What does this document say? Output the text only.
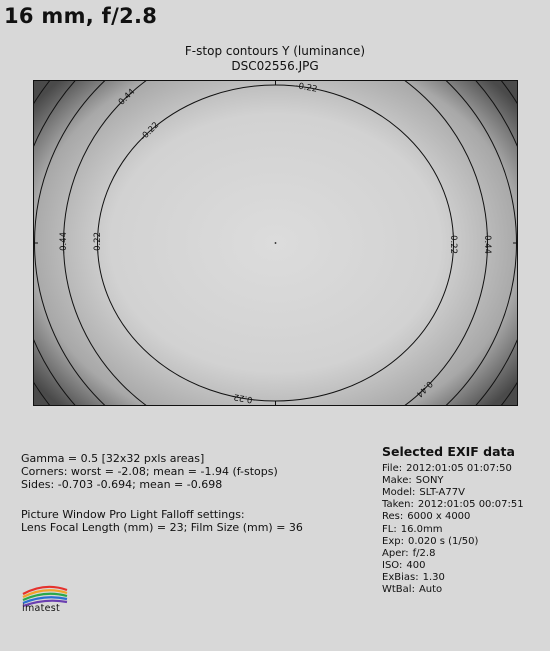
16 mm, f/2.8
F-stop contours Y (luminance)
DSC02556.JPG
-0.22
-0.22	-0.22
-0.22
-0.22
-0.44	-0.44
-0.44
-0.44
Gamma = 0.5 [32x32 pxls areas]
Corners: worst = -2.08; mean = -1.94 (f-stops)
Sides: -0.703 -0.694; mean = -0.698
Picture Window Pro Light Falloff settings:
Lens Focal Length (mm) = 23; Film Size (mm) = 36
Selected EXIF data
File: 2012:01:05 01:07:50
Make: SONY
Model: SLT-A77V
Taken: 2012:01:05 00:07:51
Res: 6000 x 4000
FL: 16.0mm
Exp: 0.020 s (1/50)
Aper: f/2.8
ISO: 400
ExBias: 1.30
WtBal: Auto
imatest
